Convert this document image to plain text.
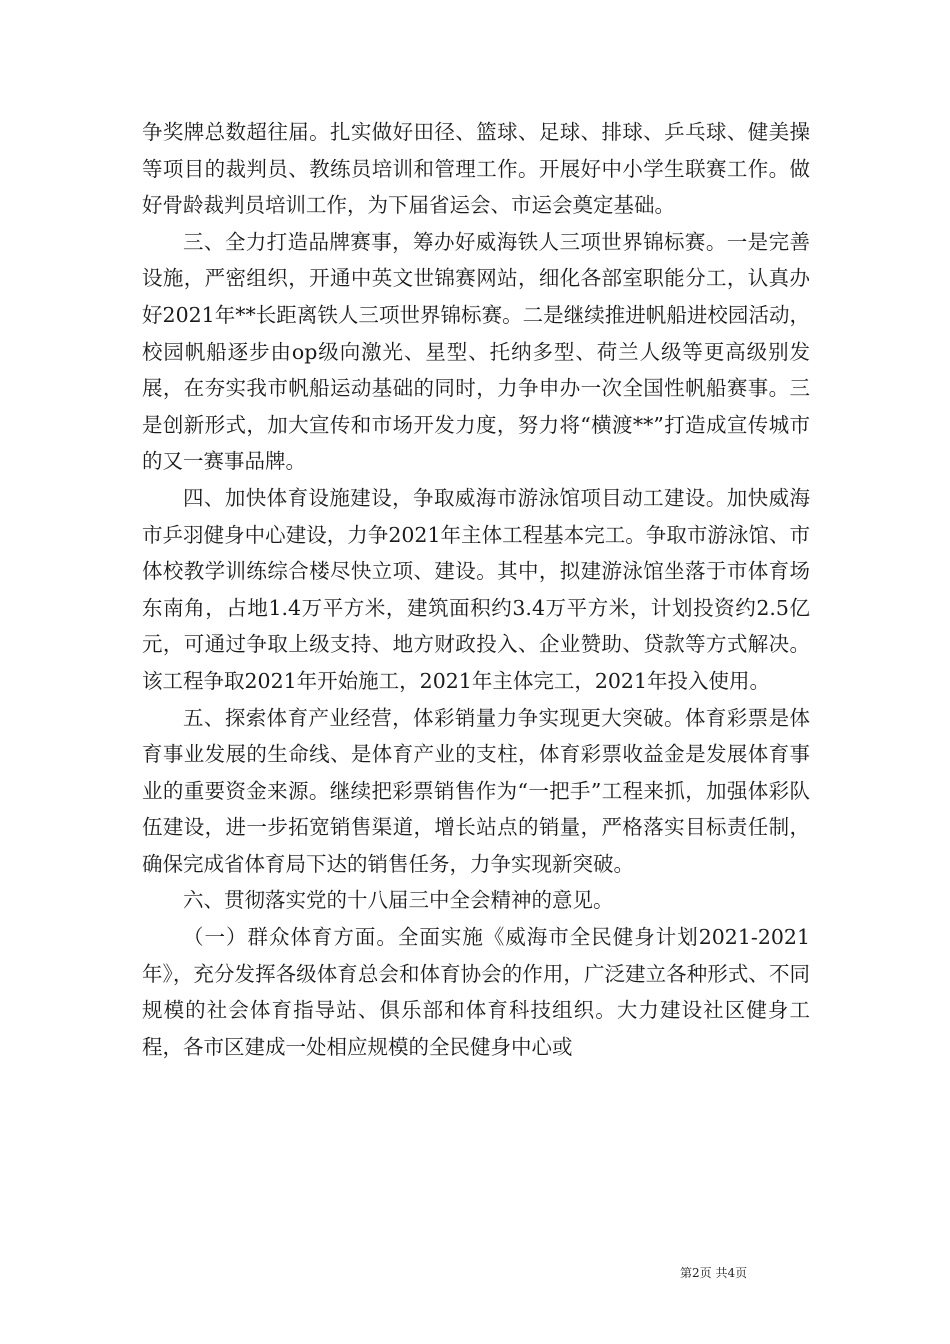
争奖牌总数超往届。扎实做好田径、篮球、足球、排球、乒乓球、健美操等项目的裁判员、教练员培训和管理工作。开展好中小学生联赛工作。做好骨龄裁判员培训工作，为下届省运会、市运会奠定基础。

三、全力打造品牌赛事，筹办好威海铁人三项世界锦标赛。一是完善设施，严密组织，开通中英文世锦赛网站，细化各部室职能分工，认真办好2021年**长距离铁人三项世界锦标赛。二是继续推进帆船进校园活动，校园帆船逐步由op级向激光、星型、托纳多型、荷兰人级等更高级别发展，在夯实我市帆船运动基础的同时，力争申办一次全国性帆船赛事。三是创新形式，加大宣传和市场开发力度，努力将“横渡**”打造成宣传城市的又一赛事品牌。

四、加快体育设施建设，争取威海市游泳馆项目动工建设。加快威海市乒羽健身中心建设，力争2021年主体工程基本完工。争取市游泳馆、市体校教学训练综合楼尽快立项、建设。其中，拟建游泳馆坐落于市体育场东南角，占地1.4万平方米，建筑面积约3.4万平方米，计划投资约2.5亿元，可通过争取上级支持、地方财政投入、企业赞助、贷款等方式解决。该工程争取2021年开始施工，2021年主体完工，2021年投入使用。

五、探索体育产业经营，体彩销量力争实现更大突破。体育彩票是体育事业发展的生命线、是体育产业的支柱，体育彩票收益金是发展体育事业的重要资金来源。继续把彩票销售作为“一把手”工程来抓，加强体彩队伍建设，进一步拓宽销售渠道，增长站点的销量，严格落实目标责任制，确保完成省体育局下达的销售任务，力争实现新突破。

六、贯彻落实党的十八届三中全会精神的意见。

（一）群众体育方面。全面实施《威海市全民健身计划2021-2021年》，充分发挥各级体育总会和体育协会的作用，广泛建立各种形式、不同规模的社会体育指导站、俱乐部和体育科技组织。大力建设社区健身工程，各市区建成一处相应规模的全民健身中心或

第2页 共4页
